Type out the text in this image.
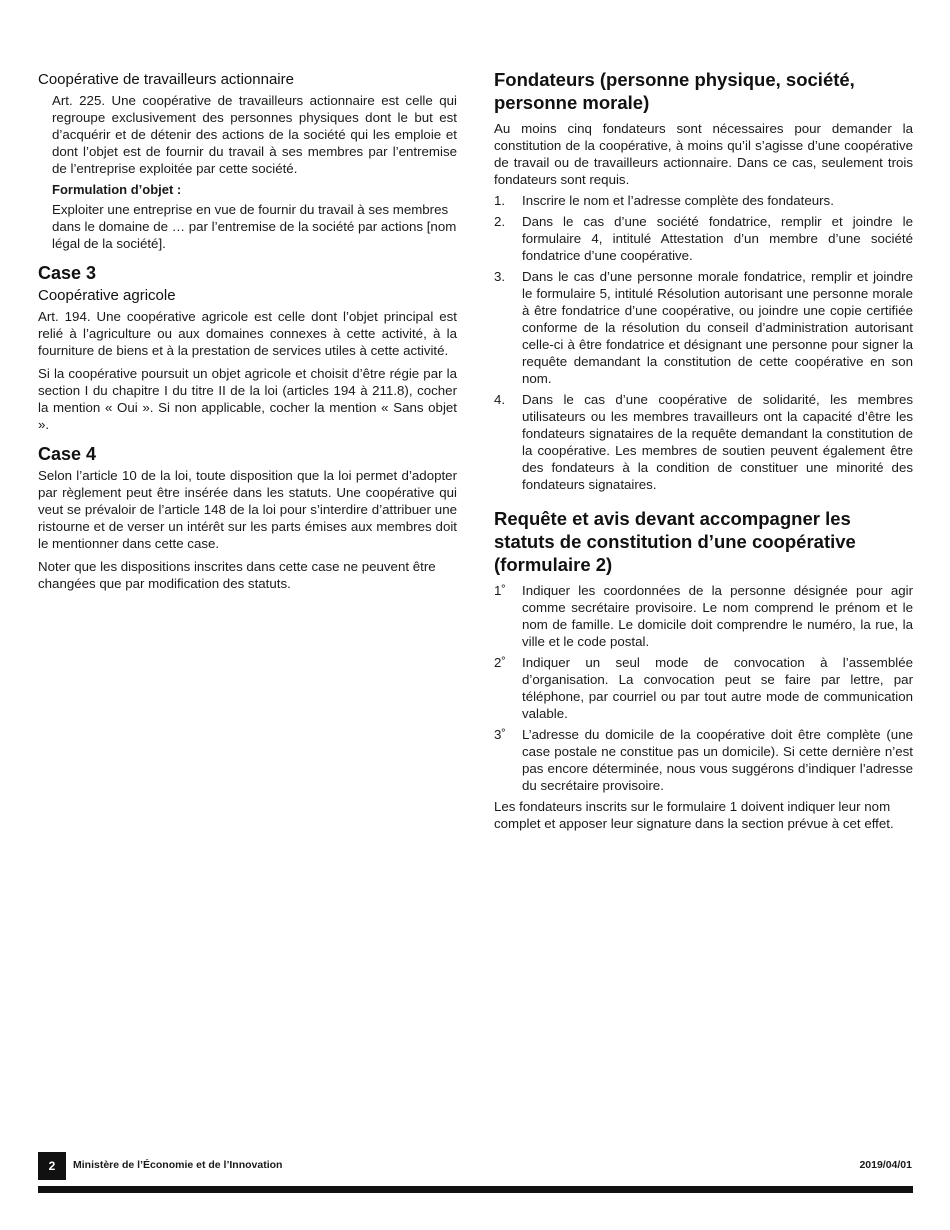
Coopérative de travailleurs actionnaire

Art. 225. Une coopérative de travailleurs actionnaire est celle qui regroupe exclusivement des personnes physiques dont le but est d’acquérir et de détenir des actions de la société qui les emploie et dont l’objet est de fournir du travail à ses membres par l’entremise de l’entreprise exploitée par cette société.

Formulation d’objet :

Exploiter une entreprise en vue de fournir du travail à ses membres dans le domaine de … par l’entremise de la société par actions [nom légal de la société].

Case 3
Coopérative agricole

Art. 194. Une coopérative agricole est celle dont l’objet principal est relié à l’agriculture ou aux domaines connexes à cette activité, à la fourniture de biens et à la prestation de services utiles à cette activité.

Si la coopérative poursuit un objet agricole et choisit d’être régie par la section I du chapitre I du titre II de la loi (articles 194 à 211.8), cocher la mention « Oui ». Si non applicable, cocher la mention « Sans objet ».

Case 4

Selon l’article 10 de la loi, toute disposition que la loi permet d’adopter par règlement peut être insérée dans les statuts. Une coopérative qui veut se prévaloir de l’article 148 de la loi pour s’interdire d’attribuer une ristourne et de verser un intérêt sur les parts émises aux membres doit le mentionner dans cette case.

Noter que les dispositions inscrites dans cette case ne peuvent être changées que par modification des statuts.

Fondateurs (personne physique, société, personne morale)

Au moins cinq fondateurs sont nécessaires pour demander la constitution de la coopérative, à moins qu’il s’agisse d’une coopérative de travail ou de travailleurs actionnaire. Dans ce cas, seulement trois fondateurs sont requis.

1.	Inscrire le nom et l’adresse complète des fondateurs.
2.	Dans le cas d’une société fondatrice, remplir et joindre le formulaire 4, intitulé Attestation d’un membre d’une société fondatrice d’une coopérative.
3.	Dans le cas d’une personne morale fondatrice, remplir et joindre le formulaire 5, intitulé Résolution autorisant une personne morale à être fondatrice d’une coopérative, ou joindre une copie certifiée conforme de la résolution du conseil d’administration autorisant celle-ci à être fondatrice et désignant une personne pour signer la requête demandant la constitution de cette coopérative en son nom.
4.	Dans le cas d’une coopérative de solidarité, les membres utilisateurs ou les membres travailleurs ont la capacité d’être les fondateurs signataires de la requête demandant la constitution de la coopérative. Les membres de soutien peuvent également être des fondateurs à la condition de constituer une minorité des fondateurs signataires.
Requête et avis devant accompagner les statuts de constitution d’une coopérative (formulaire 2)
1˚	Indiquer les coordonnées de la personne désignée pour agir comme secrétaire provisoire. Le nom comprend le prénom et le nom de famille. Le domicile doit comprendre le numéro, la rue, la ville et le code postal.
2˚	Indiquer un seul mode de convocation à l’assemblée d’organisation. La convocation peut se faire par lettre, par téléphone, par courriel ou par tout autre mode de communication valable.
3˚	L’adresse du domicile de la coopérative doit être complète (une case postale ne constitue pas un domicile). Si cette dernière n’est pas encore déterminée, nous vous suggérons d’indiquer l’adresse du secrétaire provisoire.

Les fondateurs inscrits sur le formulaire 1 doivent indiquer leur nom complet et apposer leur signature dans la section prévue à cet effet.

2	Ministère de l’Économie et de l’Innovation	2019/04/01
